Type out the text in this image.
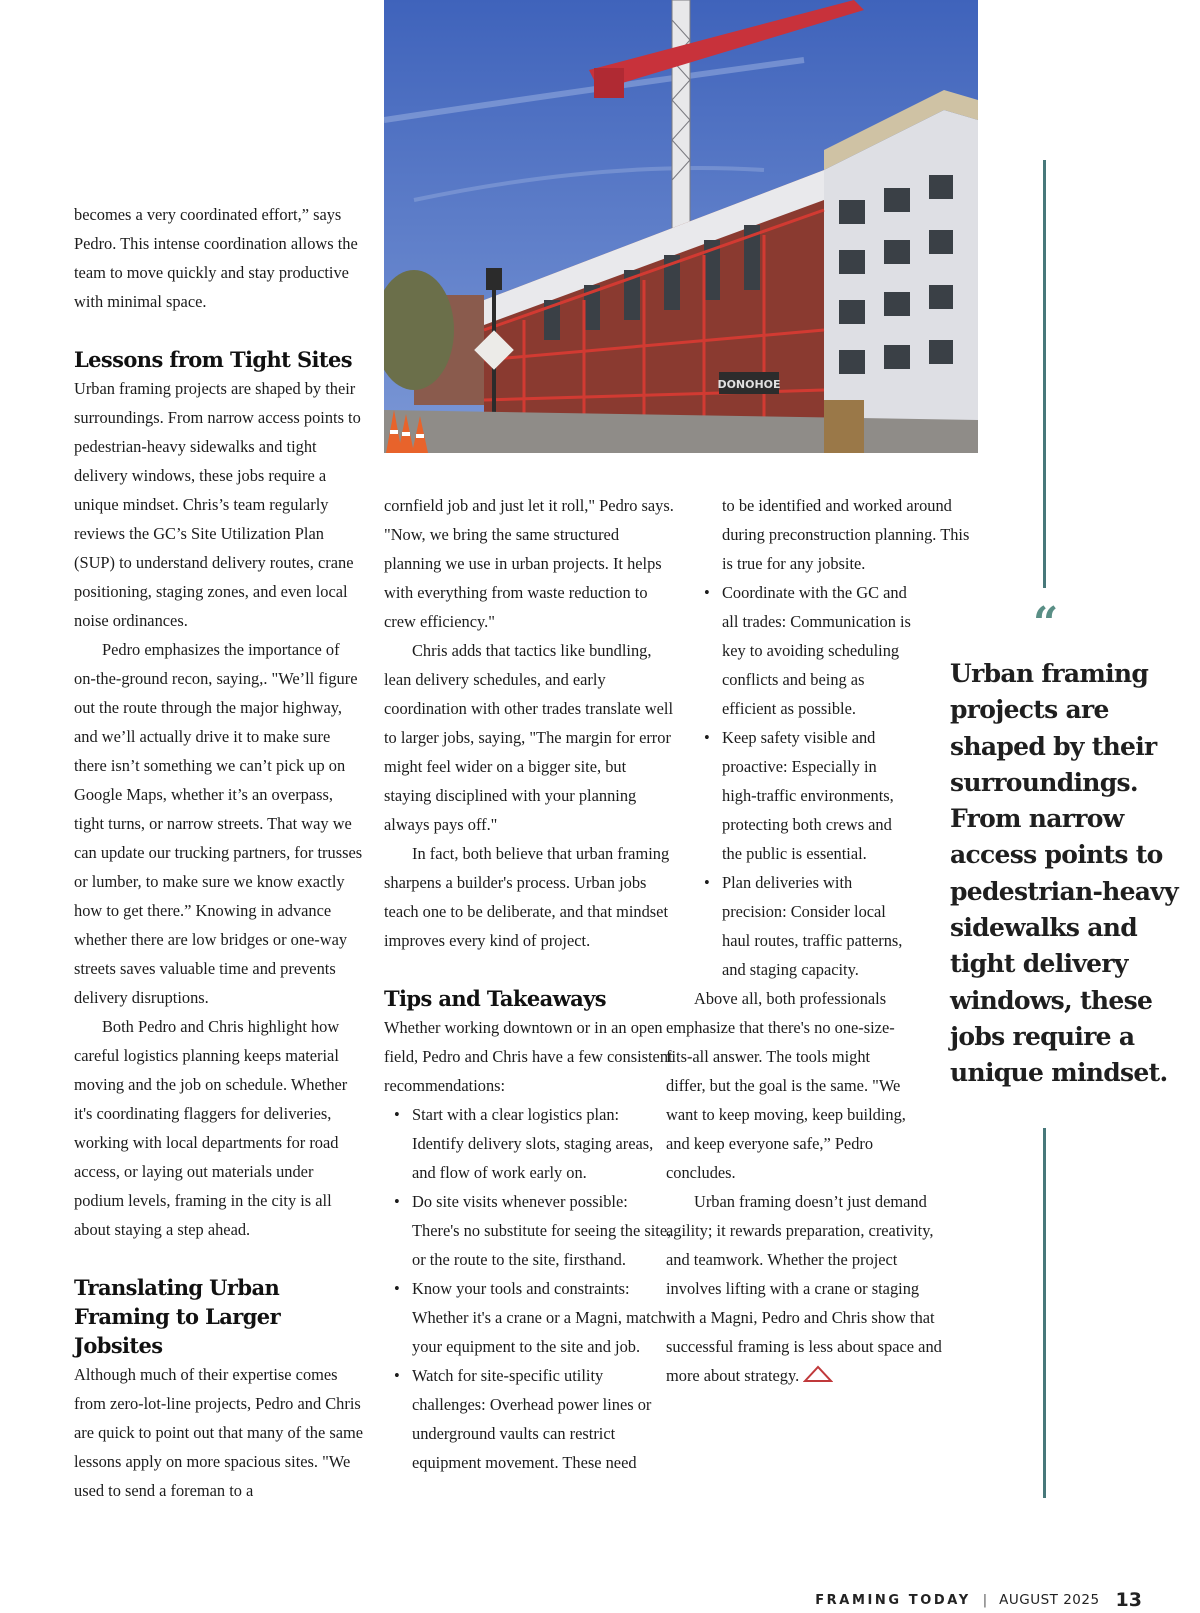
DONOHOE

becomes a very coordinated effort,” says Pedro. This intense coordination allows the team to move quickly and stay productive with minimal space.

Lessons from Tight Sites

Urban framing projects are shaped by their surroundings. From narrow access points to pedestrian-heavy sidewalks and tight delivery windows, these jobs require a unique mindset. Chris’s team regularly reviews the GC’s Site Utilization Plan (SUP) to understand delivery routes, crane positioning, staging zones, and even local noise ordinances.

Pedro emphasizes the importance of on-the-ground recon, saying,. "We’ll figure out the route through the major highway, and we’ll actually drive it to make sure there isn’t something we can’t pick up on Google Maps, whether it’s an overpass, tight turns, or narrow streets. That way we can update our trucking partners, for trusses or lumber, to make sure we know exactly how to get there.” Knowing in advance whether there are low bridges or one-way streets saves valuable time and prevents delivery disruptions.

Both Pedro and Chris highlight how careful logistics planning keeps material moving and the job on schedule. Whether it's coordinating flaggers for deliveries, working with local departments for road access, or laying out materials under podium levels, framing in the city is all about staying a step ahead.

Translating Urban Framing to Larger Jobsites

Although much of their expertise comes from zero-lot-line projects, Pedro and Chris are quick to point out that many of the same lessons apply on more spacious sites. "We used to send a foreman to a

cornfield job and just let it roll," Pedro says. "Now, we bring the same structured planning we use in urban projects. It helps with everything from waste reduction to crew efficiency."

Chris adds that tactics like bundling, lean delivery schedules, and early coordination with other trades translate well to larger jobs, saying, "The margin for error might feel wider on a bigger site, but staying disciplined with your planning always pays off."

In fact, both believe that urban framing sharpens a builder's process. Urban jobs teach one to be deliberate, and that mindset improves every kind of project.

Tips and Takeaways

Whether working downtown or in an open field, Pedro and Chris have a few consistent recommendations:

• Start with a clear logistics plan: Identify delivery slots, staging areas, and flow of work early on.
• Do site visits whenever possible: There's no substitute for seeing the site, or the route to the site, firsthand.
• Know your tools and constraints: Whether it's a crane or a Magni, match your equipment to the site and job.
• Watch for site-specific utility challenges: Overhead power lines or underground vaults can restrict equipment movement. These need

to be identified and worked around during preconstruction planning. This is true for any jobsite.

• Coordinate with the GC and all trades: Communication is key to avoiding scheduling conflicts and being as efficient as possible.
• Keep safety visible and proactive: Especially in high-traffic environments, protecting both crews and the public is essential.
• Plan deliveries with precision: Consider local haul routes, traffic patterns, and staging capacity.

Above all, both professionals emphasize that there's no one-size-fits-all answer. The tools might differ, but the goal is the same. "We want to keep moving, keep building, and keep everyone safe,” Pedro concludes.

Urban framing doesn’t just demand agility; it rewards preparation, creativity, and teamwork. Whether the project involves lifting with a crane or staging with a Magni, Pedro and Chris show that successful framing is less about space and more about strategy.

“
Urban framing projects are shaped by their surroundings. From narrow access points to pedestrian-heavy sidewalks and tight delivery windows, these jobs require a unique mindset.
FRAMING TODAY | AUGUST 2025 13
